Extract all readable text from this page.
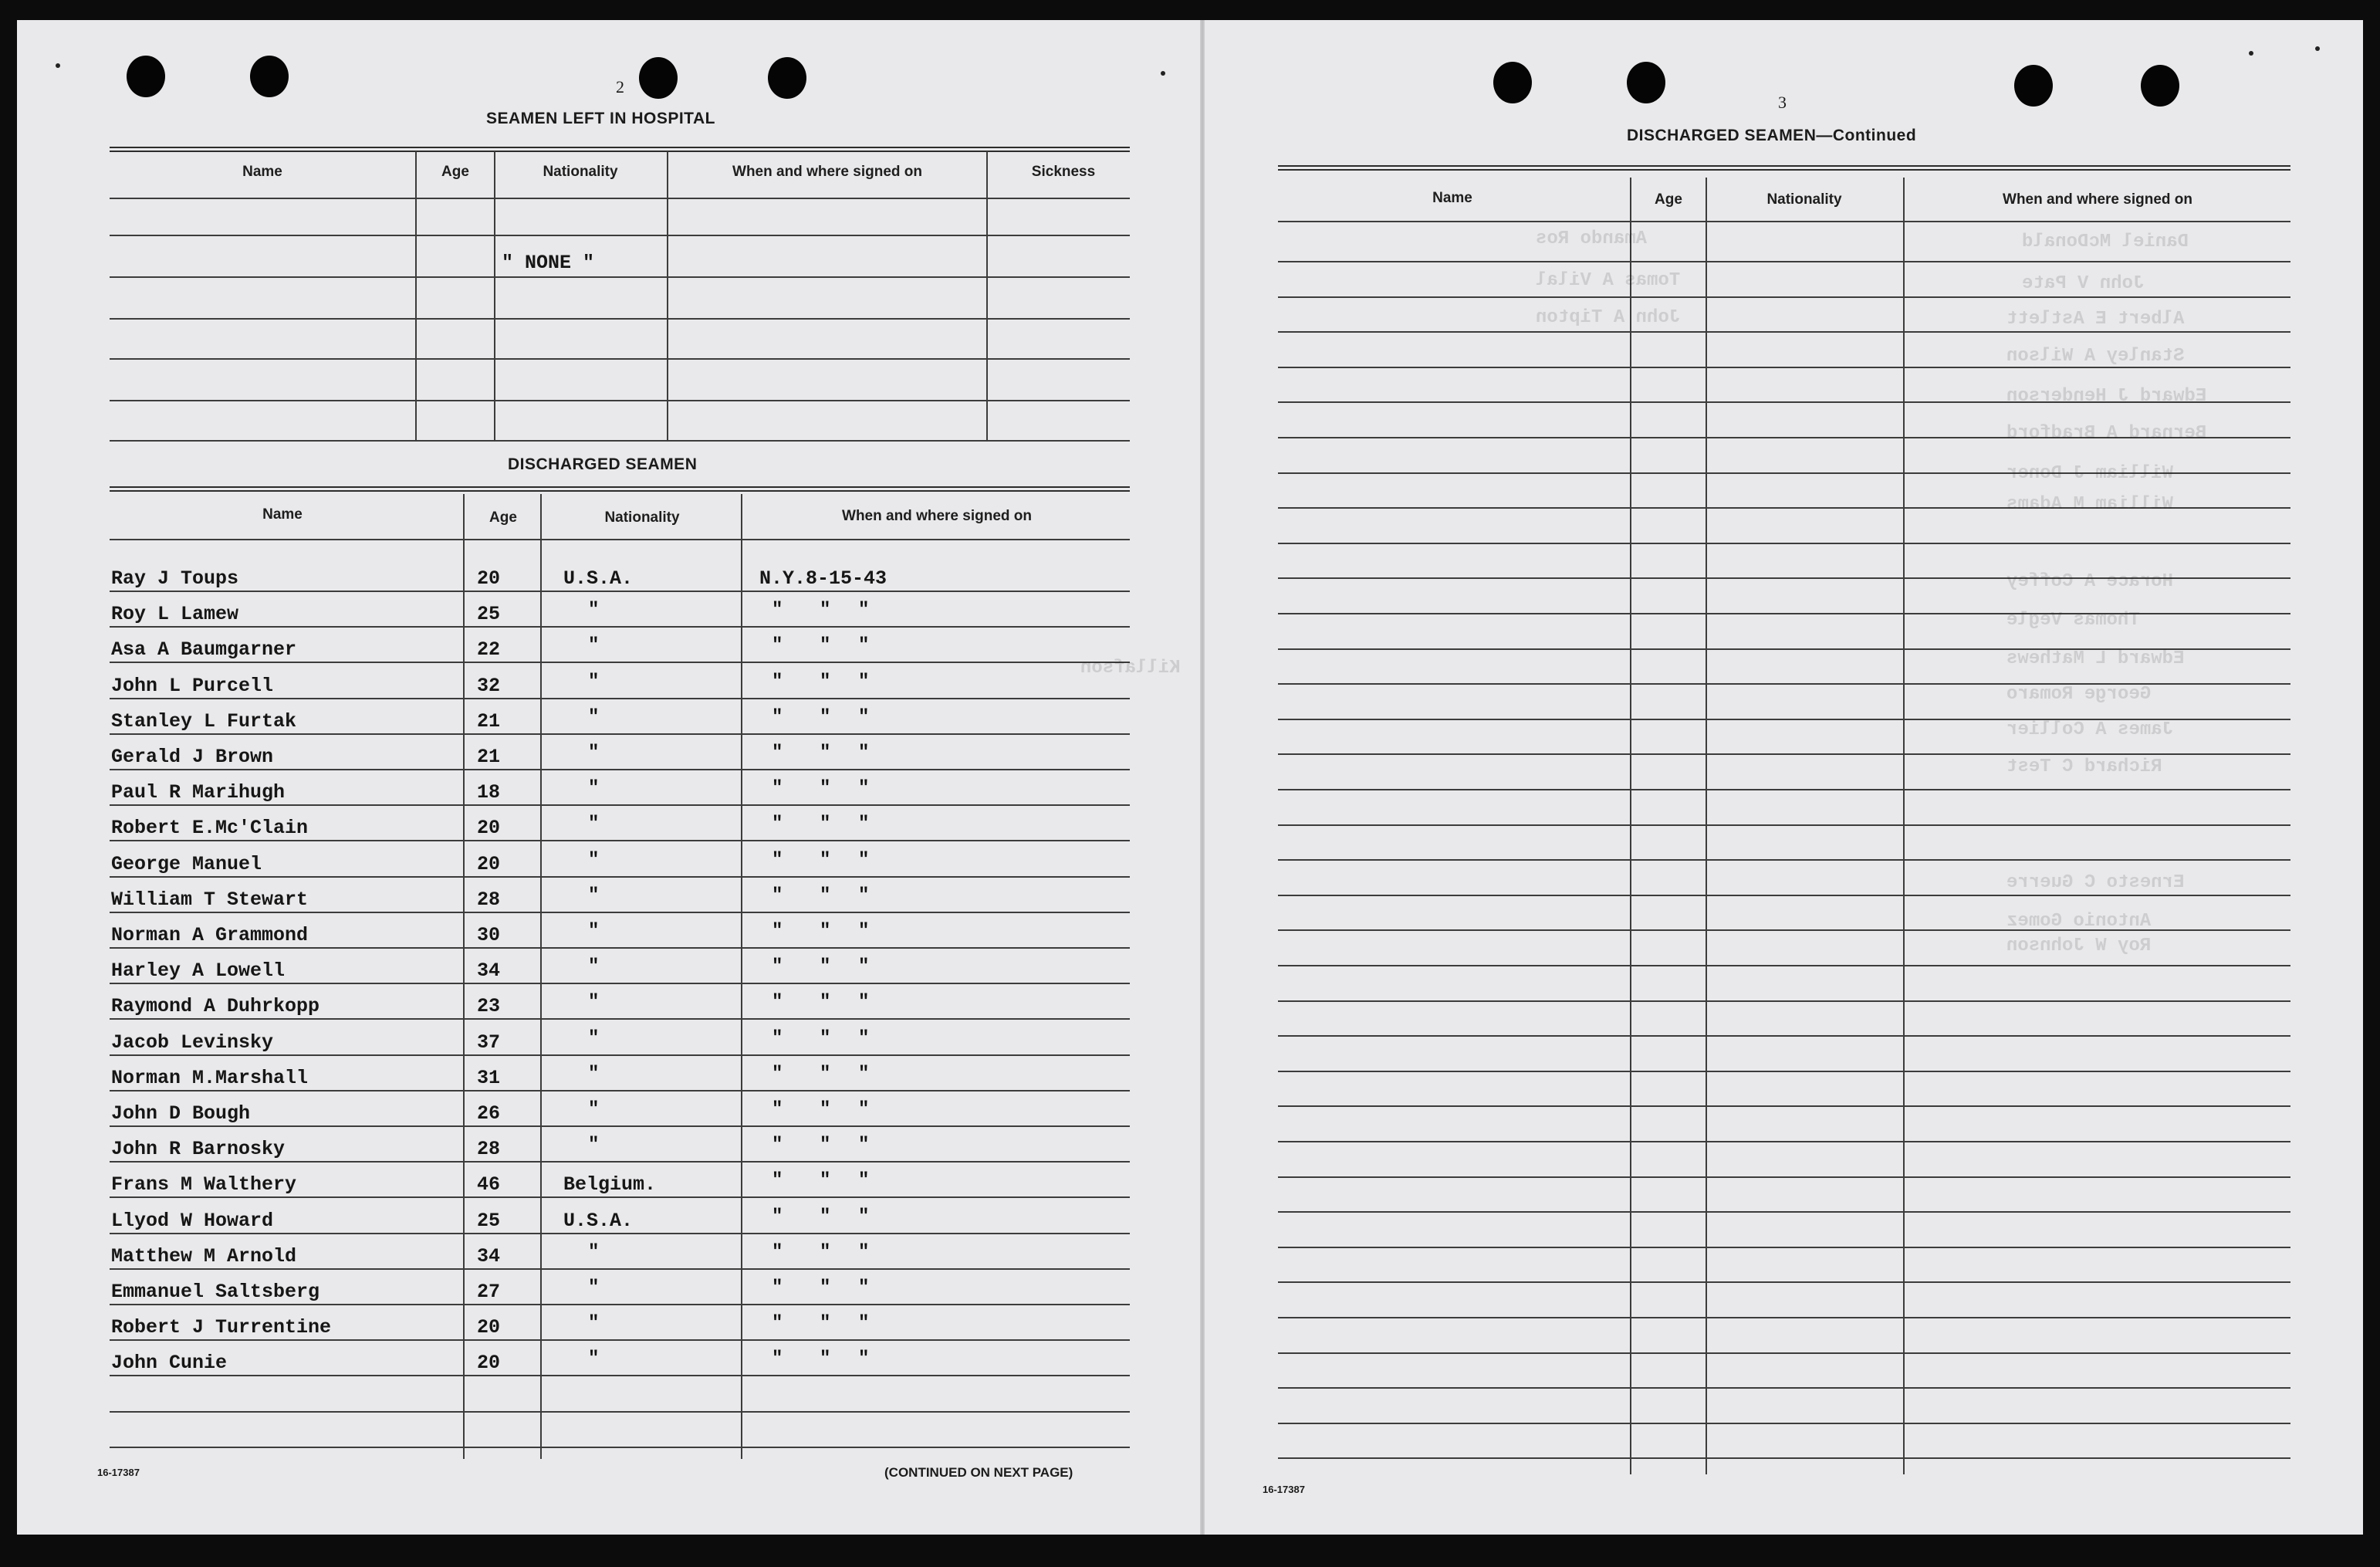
2
SEAMEN LEFT IN HOSPITAL
Name	Age	Nationality	When and where signed on	Sickness
" NONE "
DISCHARGED SEAMEN
Name	Age	Nationality	When and where signed on
Ray J Toups	20	U.S.A.	N.Y.8-15-43
Roy L Lamew	25	"	" " "
Asa A Baumgarner	22	"	" " "
John L Purcell	32	"	" " "
Stanley L Furtak	21	"	" " "
Gerald J Brown	21	"	" " "
Paul R Marihugh	18	"	" " "
Robert E.Mc'Clain	20	"	" " "
George Manuel	20	"	" " "
William T Stewart	28	"	" " "
Norman A Grammond	30	"	" " "
Harley A Lowell	34	"	" " "
Raymond A Duhrkopp	23	"	" " "
Jacob Levinsky	37	"	" " "
Norman M.Marshall	31	"	" " "
John D Bough	26	"	" " "
John R Barnosky	28	"	" " "
Frans M Walthery	46	Belgium.	" " "
Llyod W Howard	25	U.S.A.	" " "
Matthew M Arnold	34	"	" " "
Emmanuel Saltsberg	27	"	" " "
Robert J Turrentine	20	"	" " "
John Cunie	20	"	" " "
16-17387	(CONTINUED ON NEXT PAGE)
3
DISCHARGED SEAMEN—Continued
Name	Age	Nationality	When and where signed on
16-17387
Daniel McDonald
John V Pate
Albert E Astlett
Stanley A Wilson
Edward J Henderson
Bernard A Bradford
William J Doner
William M Adams
Horace A Coffey
Thomas Vegle
Edward L Mathews
George Romaro
James A Collier
Richard C Test
Ernesto C Guerre
Antonio Gomez
Roy W Johnson
Amando Ros
Tomas A Vilal
John A Tipton
Killafson
